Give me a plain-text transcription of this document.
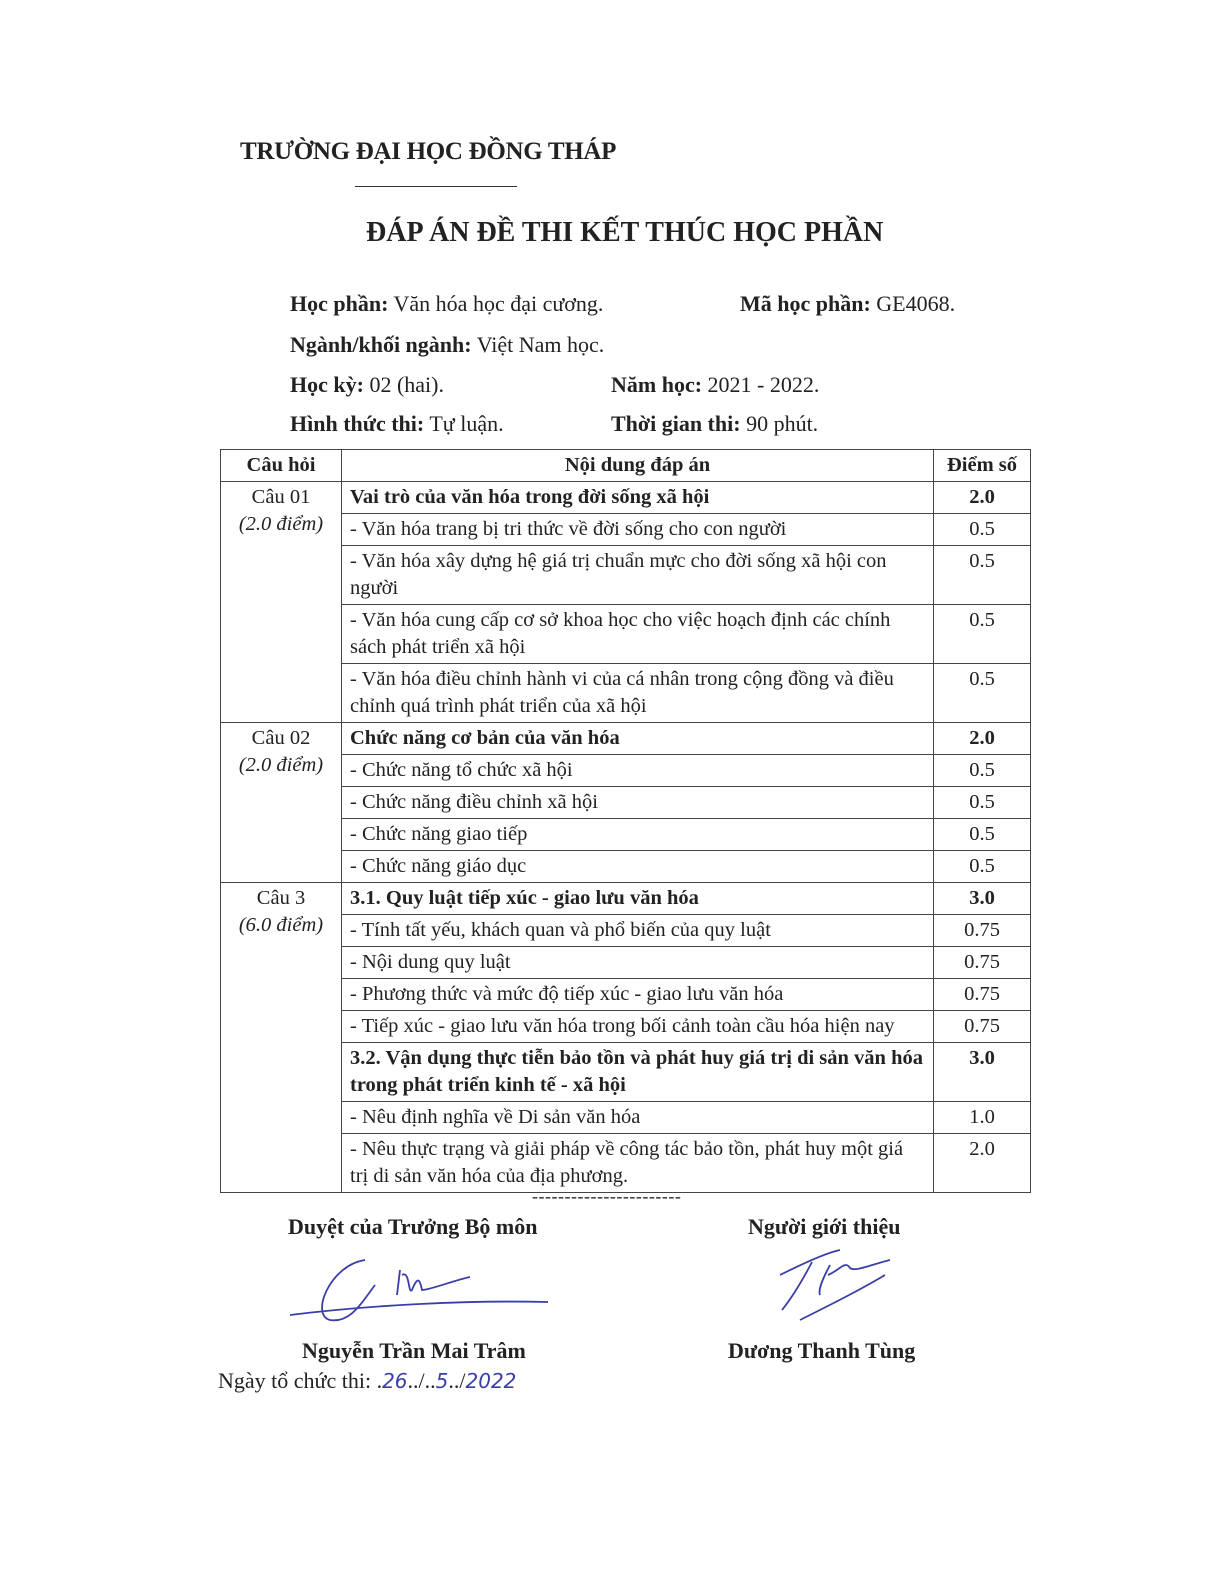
TRƯỜNG ĐẠI HỌC ĐỒNG THÁP
ĐÁP ÁN ĐỀ THI KẾT THÚC HỌC PHẦN
Học phần: Văn hóa học đại cương.	Mã học phần: GE4068.
Ngành/khối ngành: Việt Nam học.
Học kỳ: 02 (hai).	Năm học: 2021 - 2022.
Hình thức thi: Tự luận.	Thời gian thi: 90 phút.
Câu hỏi	Nội dung đáp án	Điểm số

Câu 01
(2.0 điểm)	Vai trò của văn hóa trong đời sống xã hội	2.0
	- Văn hóa trang bị tri thức về đời sống cho con người	0.5
	- Văn hóa xây dựng hệ giá trị chuẩn mực cho đời sống xã hội con người	0.5
	- Văn hóa cung cấp cơ sở khoa học cho việc hoạch định các chính sách phát triển xã hội	0.5
	- Văn hóa điều chỉnh hành vi của cá nhân trong cộng đồng và điều chỉnh quá trình phát triển của xã hội	0.5

Câu 02
(2.0 điểm)	Chức năng cơ bản của văn hóa	2.0
	- Chức năng tổ chức xã hội	0.5
	- Chức năng điều chỉnh xã hội	0.5
	- Chức năng giao tiếp	0.5
	- Chức năng giáo dục	0.5

Câu 3
(6.0 điểm)	3.1. Quy luật tiếp xúc - giao lưu văn hóa	3.0
	- Tính tất yếu, khách quan và phổ biến của quy luật	0.75
	- Nội dung quy luật	0.75
	- Phương thức và mức độ tiếp xúc - giao lưu văn hóa	0.75
	- Tiếp xúc - giao lưu văn hóa trong bối cảnh toàn cầu hóa hiện nay	0.75
	3.2. Vận dụng thực tiễn bảo tồn và phát huy giá trị di sản văn hóa trong phát triển kinh tế - xã hội	3.0
	- Nêu định nghĩa về Di sản văn hóa	1.0
	- Nêu thực trạng và giải pháp về công tác bảo tồn, phát huy một giá trị di sản văn hóa của địa phương.	2.0
-----------------------
Duyệt của Trưởng Bộ môn	Người giới thiệu
Nguyễn Trần Mai Trâm	Dương Thanh Tùng
Ngày tổ chức thi: .26../..5../2022
